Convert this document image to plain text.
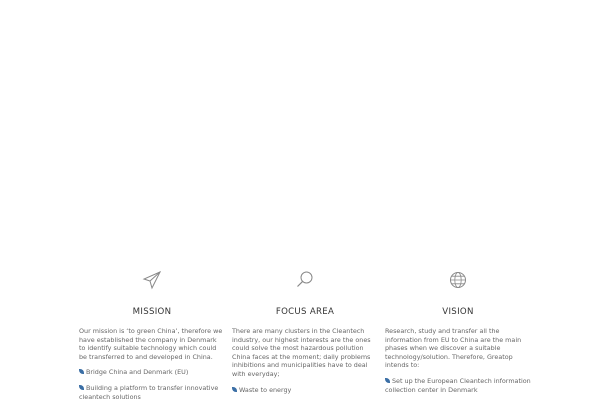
MISSION

Our mission is ‘to green China’, therefore we have established the company in Denmark to identify suitable technology which could be transferred to and developed in China.

Bridge China and Denmark (EU)
Building a platform to transfer innovative cleantech solutions
FOCUS AREA

There are many clusters in the Cleantech industry, our highest interests are the ones could solve the most hazardous pollution China faces at the moment; daily problems inhibitions and municipalities have to deal with everyday;

Waste to energy
VISION

Research, study and transfer all the information from EU to China are the main phases when we discover a suitable technology/solution. Therefore, Greatop intends to:

Set up the European Cleantech information collection center in Denmark
